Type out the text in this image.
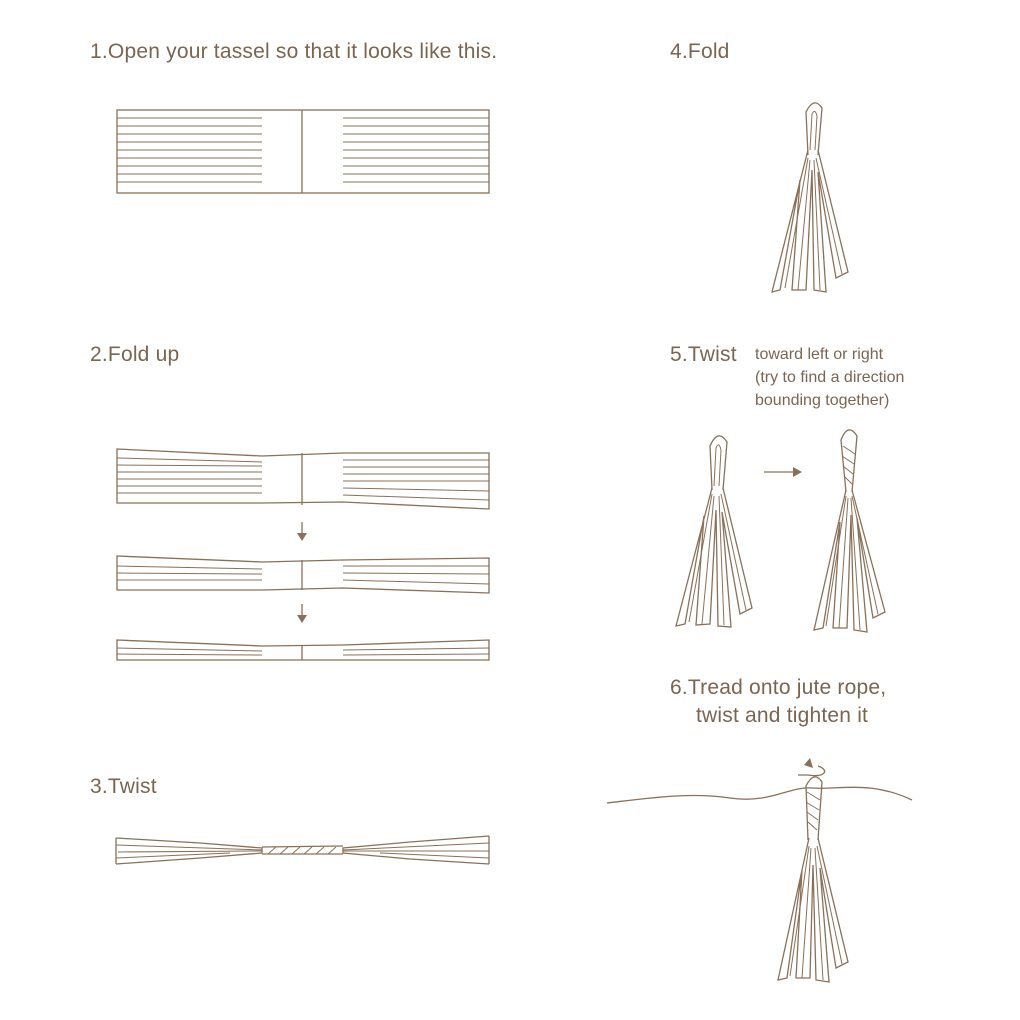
1.Open your tassel so that it looks like this.
2.Fold up
3.Twist
4.Fold
5.Twist toward left or right
(try to find a direction
bounding together)
6.Tread onto jute rope,
twist and tighten it
